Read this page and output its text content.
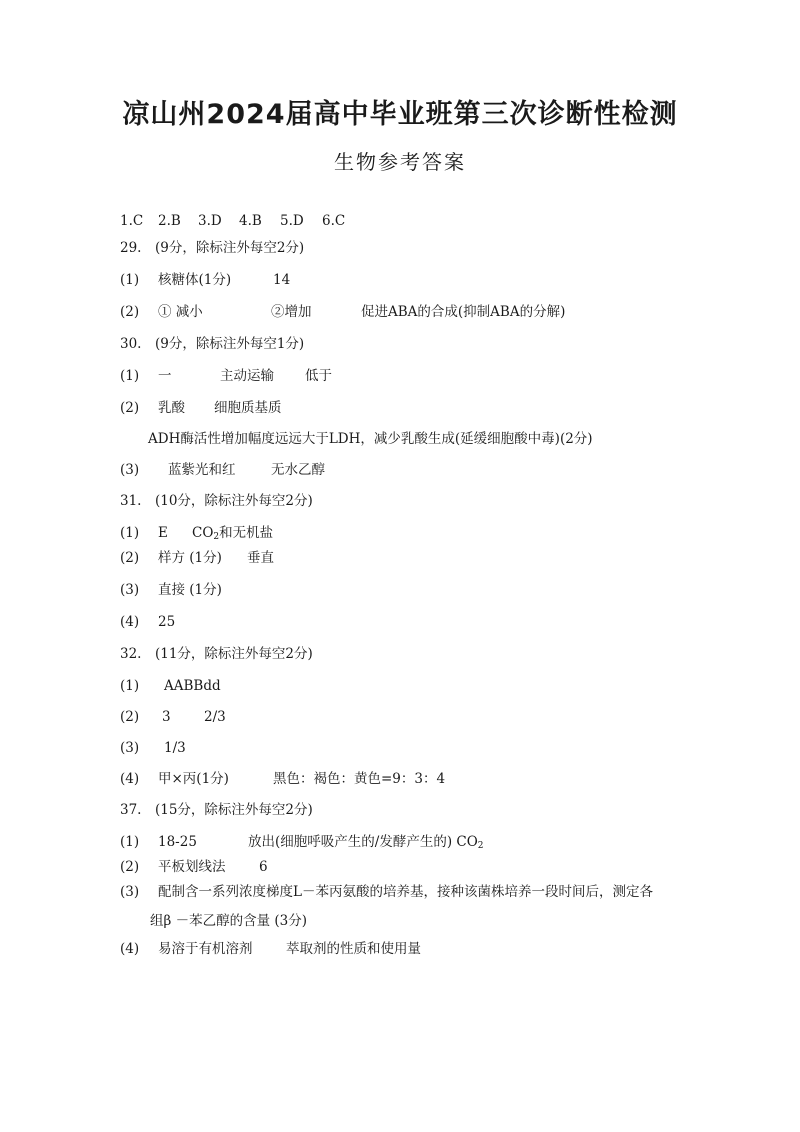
凉山州2024届高中毕业班第三次诊断性检测
生物参考答案
1.C 2.B 3.D 4.B 5.D 6.C
29.　(9分，除标注外每空2分)
(1) 核糖体(1分)	14
(2) ① 减小	②增加	促进ABA的合成(抑制ABA的分解)
30.　(9分，除标注外每空1分)
(1) 一	主动运输 低于
(2) 乳酸 细胞质基质
ADH酶活性增加幅度远远大于LDH，减少乳酸生成(延缓细胞酸中毒)(2分)
(3) 蓝紫光和红	无水乙醇
31.　(10分，除标注外每空2分)
(1) E $CO_2$和无机盐
(2) 样方 (1分) 垂直
(3) 直接 (1分)
(4) 25
32.　(11分，除标注外每空2分)
(1) AABBdd
(2) 3 2/3
(3) 1/3
(4) 甲×丙(1分)	黑色：褐色：黄色=9：3：4
37.　(15分，除标注外每空2分)
(1) 18-25	放出(细胞呼吸产生的/发酵产生的) $CO_2$
(2) 平板划线法 6
(3) 配制含一系列浓度梯度L－苯丙氨酸的培养基，接种该菌株培养一段时间后，测定各
组β －苯乙醇的含量 (3分)
(4) 易溶于有机溶剂 萃取剂的性质和使用量
